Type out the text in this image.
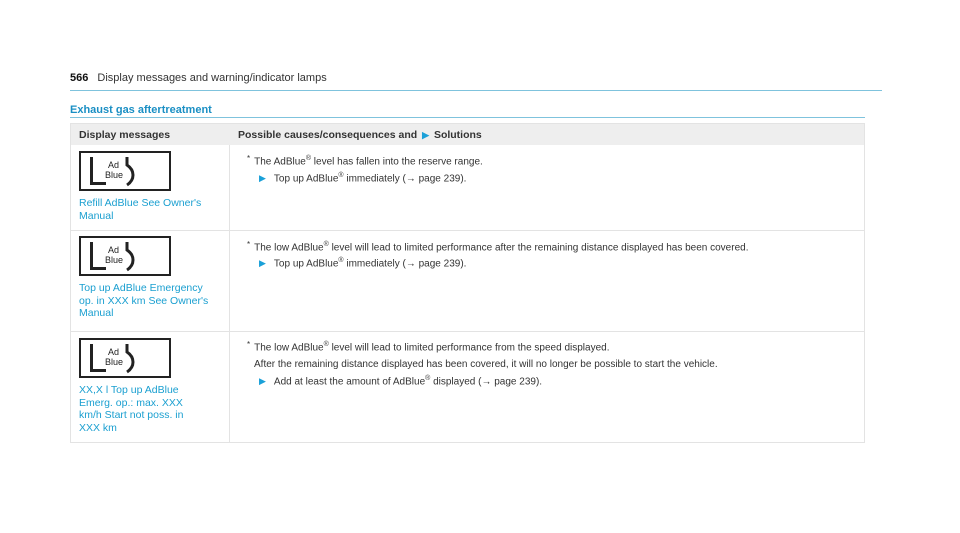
566 Display messages and warning/indicator lamps
Exhaust gas aftertreatment
Display messages	Possible causes/consequences and ▶ Solutions
Ad
Blue
Refill AdBlue See Owner's
Manual
* The AdBlue® level has fallen into the reserve range.
▶ Top up AdBlue® immediately (→ page 239).
Ad
Blue
Top up AdBlue Emergency
op. in XXX km See Owner's
Manual
* The low AdBlue® level will lead to limited performance after the remaining distance displayed has been covered.
▶ Top up AdBlue® immediately (→ page 239).
Ad
Blue
XX,X l Top up AdBlue
Emerg. op.: max. XXX
km/h Start not poss. in
XXX km
* The low AdBlue® level will lead to limited performance from the speed displayed.
After the remaining distance displayed has been covered, it will no longer be possible to start the vehicle.
▶ Add at least the amount of AdBlue® displayed (→ page 239).
